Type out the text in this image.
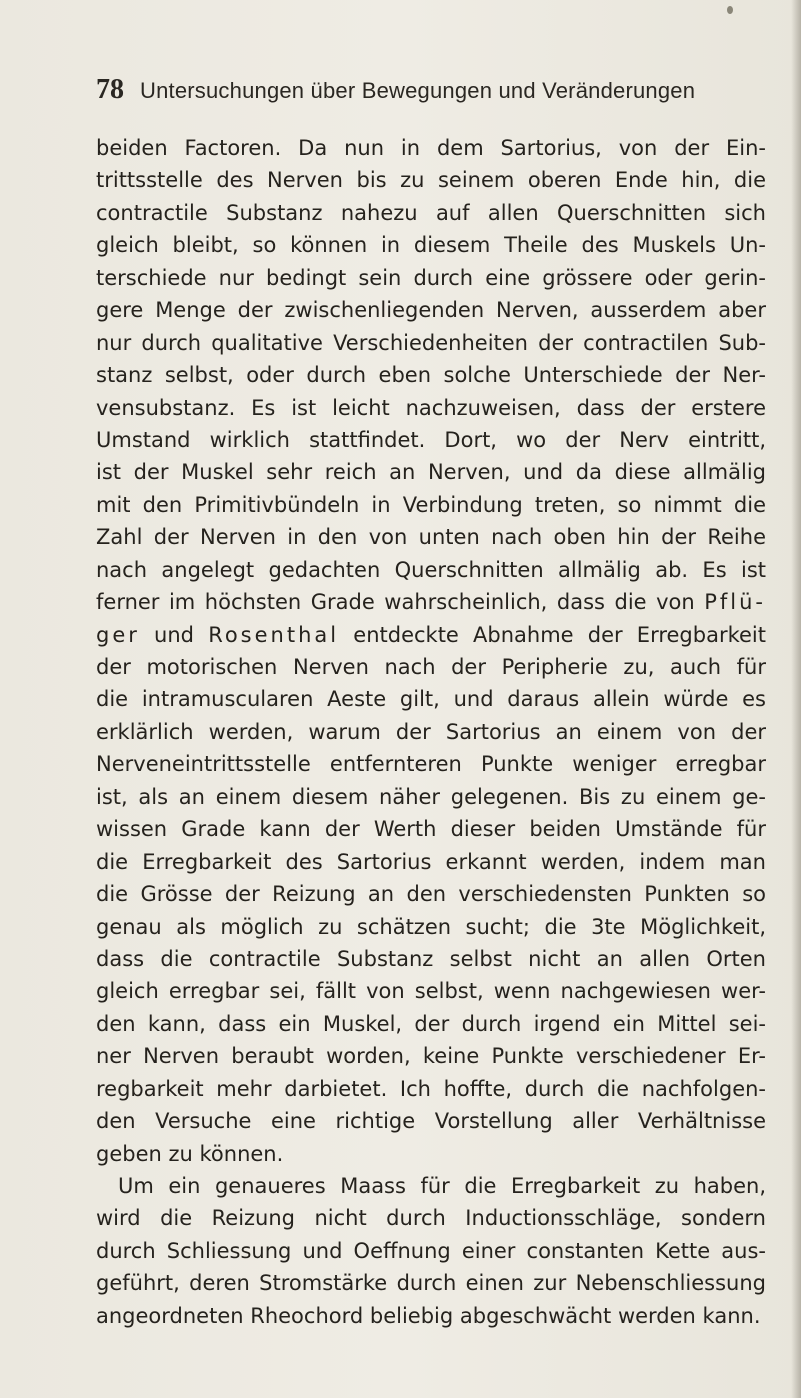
78 Untersuchungen über Bewegungen und Veränderungen
beiden Factoren. Da nun in dem Sartorius, von der Ein-
trittsstelle des Nerven bis zu seinem oberen Ende hin, die
contractile Substanz nahezu auf allen Querschnitten sich
gleich bleibt, so können in diesem Theile des Muskels Un-
terschiede nur bedingt sein durch eine grössere oder gerin-
gere Menge der zwischenliegenden Nerven, ausserdem aber
nur durch qualitative Verschiedenheiten der contractilen Sub-
stanz selbst, oder durch eben solche Unterschiede der Ner-
vensubstanz. Es ist leicht nachzuweisen, dass der erstere
Umstand wirklich stattfindet. Dort, wo der Nerv eintritt,
ist der Muskel sehr reich an Nerven, und da diese allmälig
mit den Primitivbündeln in Verbindung treten, so nimmt die
Zahl der Nerven in den von unten nach oben hin der Reihe
nach angelegt gedachten Querschnitten allmälig ab. Es ist
ferner im höchsten Grade wahrscheinlich, dass die von Pflü-
ger und Rosenthal entdeckte Abnahme der Erregbarkeit
der motorischen Nerven nach der Peripherie zu, auch für
die intramuscularen Aeste gilt, und daraus allein würde es
erklärlich werden, warum der Sartorius an einem von der
Nerveneintrittsstelle entfernteren Punkte weniger erregbar
ist, als an einem diesem näher gelegenen. Bis zu einem ge-
wissen Grade kann der Werth dieser beiden Umstände für
die Erregbarkeit des Sartorius erkannt werden, indem man
die Grösse der Reizung an den verschiedensten Punkten so
genau als möglich zu schätzen sucht; die 3te Möglichkeit,
dass die contractile Substanz selbst nicht an allen Orten
gleich erregbar sei, fällt von selbst, wenn nachgewiesen wer-
den kann, dass ein Muskel, der durch irgend ein Mittel sei-
ner Nerven beraubt worden, keine Punkte verschiedener Er-
regbarkeit mehr darbietet. Ich hoffte, durch die nachfolgen-
den Versuche eine richtige Vorstellung aller Verhältnisse
geben zu können.
Um ein genaueres Maass für die Erregbarkeit zu haben,
wird die Reizung nicht durch Inductionsschläge, sondern
durch Schliessung und Oeffnung einer constanten Kette aus-
geführt, deren Stromstärke durch einen zur Nebenschliessung
angeordneten Rheochord beliebig abgeschwächt werden kann.
